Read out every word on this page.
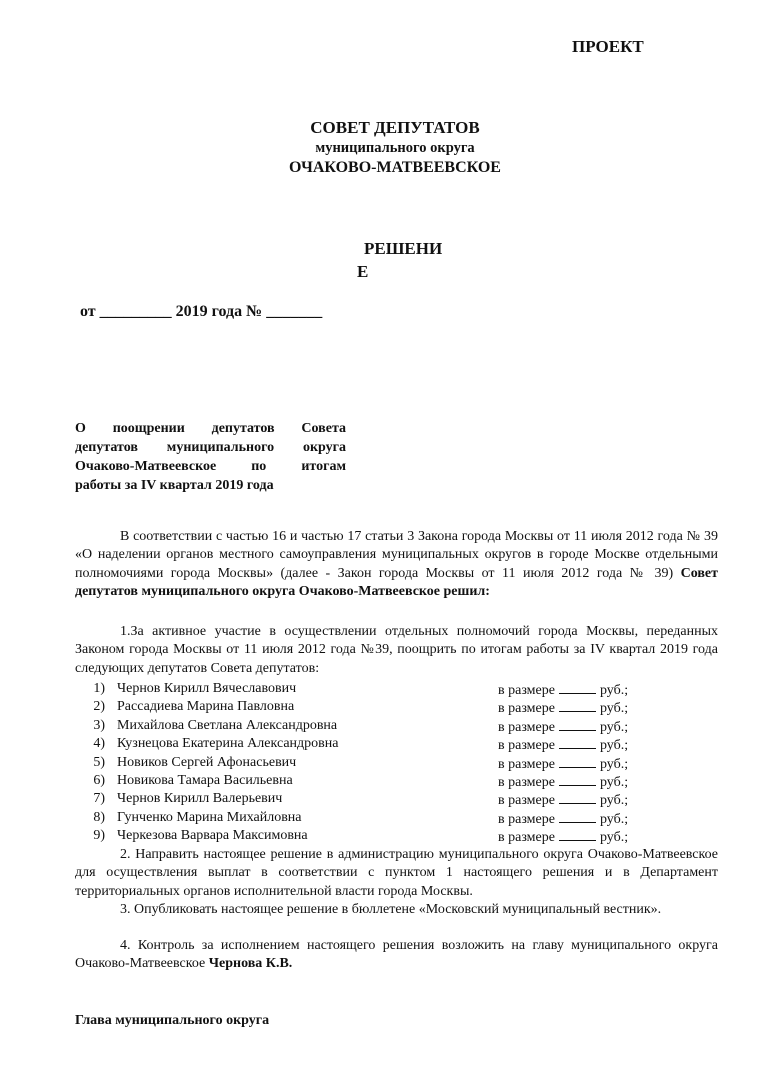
ПРОЕКТ
СОВЕТ ДЕПУТАТОВ
муниципального округа
ОЧАКОВО-МАТВЕЕВСКОЕ
РЕШЕНИ
Е
от _________ 2019 года № _______
О поощрении депутатов Совета
депутатов муниципального округа
Очаково-Матвеевское по итогам
работы за IV квартал 2019 года
В соответствии с частью 16 и частью 17 статьи 3 Закона города Москвы от 11 июля 2012 года № 39 «О наделении органов местного самоуправления муниципальных округов в городе Москве отдельными полномочиями города Москвы» (далее - Закон города Москвы от 11 июля 2012 года № 39) Совет депутатов муниципального округа Очаково-Матвеевское решил:
1.За активное участие в осуществлении отдельных полномочий города Москвы, переданных Законом города Москвы от 11 июля 2012 года №39, поощрить по итогам работы за IV квартал 2019 года следующих депутатов Совета депутатов:
1) Чернов Кирилл Вячеславович	в размере	руб.;
2) Рассадиева Марина Павловна	в размере	руб.;
3) Михайлова Светлана Александровна	в размере	руб.;
4) Кузнецова Екатерина Александровна	в размере	руб.;
5) Новиков Сергей Афонасьевич	в размере	руб.;
6) Новикова Тамара Васильевна	в размере	руб.;
7) Чернов Кирилл Валерьевич	в размере	руб.;
8) Гунченко Марина Михайловна	в размере	руб.;
9) Черкезова Варвара Максимовна	в размере	руб.;
2. Направить настоящее решение в администрацию муниципального округа Очаково-Матвеевское для осуществления выплат в соответствии с пунктом 1 настоящего решения и в Департамент территориальных органов исполнительной власти города Москвы.
3. Опубликовать настоящее решение в бюллетене «Московский муниципальный вестник».
4. Контроль за исполнением настоящего решения возложить на главу муниципального округа Очаково-Матвеевское Чернова К.В.
Глава муниципального округа
